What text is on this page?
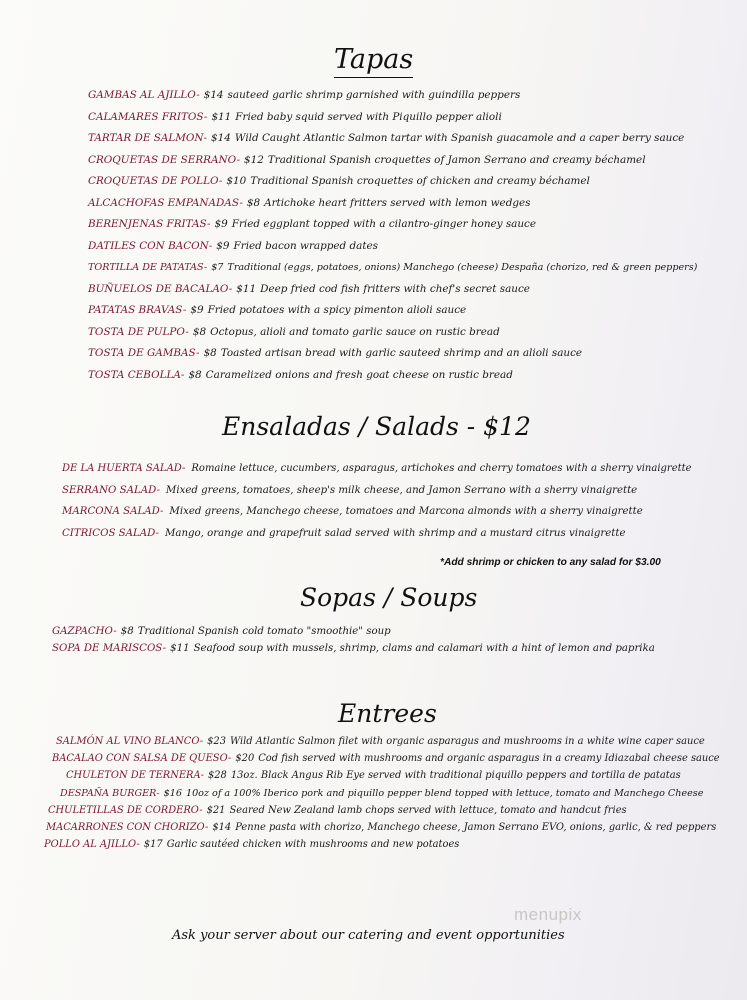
Tapas
GAMBAS AL AJILLO- $14 sauteed garlic shrimp garnished with guindilla peppers
CALAMARES FRITOS- $11 Fried baby squid served with Piquillo pepper alioli
TARTAR DE SALMON- $14 Wild Caught Atlantic Salmon tartar with Spanish guacamole and a caper berry sauce
CROQUETAS DE SERRANO- $12 Traditional Spanish croquettes of Jamon Serrano and creamy béchamel
CROQUETAS DE POLLO- $10 Traditional Spanish croquettes of chicken and creamy béchamel
ALCACHOFAS EMPANADAS- $8 Artichoke heart fritters served with lemon wedges
BERENJENAS FRITAS- $9 Fried eggplant topped with a cilantro-ginger honey sauce
DATILES CON BACON- $9 Fried bacon wrapped dates
TORTILLA DE PATATAS- $7 Traditional (eggs, potatoes, onions) Manchego (cheese) Despaña (chorizo, red & green peppers)
BUÑUELOS DE BACALAO- $11 Deep fried cod fish fritters with chef's secret sauce
PATATAS BRAVAS- $9 Fried potatoes with a spicy pimenton alioli sauce
TOSTA DE PULPO- $8 Octopus, alioli and tomato garlic sauce on rustic bread
TOSTA DE GAMBAS- $8 Toasted artisan bread with garlic sauteed shrimp and an alioli sauce
TOSTA CEBOLLA- $8 Caramelized onions and fresh goat cheese on rustic bread
Ensaladas / Salads - $12
DE LA HUERTA SALAD- Romaine lettuce, cucumbers, asparagus, artichokes and cherry tomatoes with a sherry vinaigrette
SERRANO SALAD- Mixed greens, tomatoes, sheep's milk cheese, and Jamon Serrano with a sherry vinaigrette
MARCONA SALAD- Mixed greens, Manchego cheese, tomatoes and Marcona almonds with a sherry vinaigrette
CITRICOS SALAD- Mango, orange and grapefruit salad served with shrimp and a mustard citrus vinaigrette
*Add shrimp or chicken to any salad for $3.00
Sopas / Soups
GAZPACHO- $8 Traditional Spanish cold tomato "smoothie" soup
SOPA DE MARISCOS- $11 Seafood soup with mussels, shrimp, clams and calamari with a hint of lemon and paprika
Entrees
SALMÓN AL VINO BLANCO- $23 Wild Atlantic Salmon filet with organic asparagus and mushrooms in a white wine caper sauce
BACALAO CON SALSA DE QUESO- $20 Cod fish served with mushrooms and organic asparagus in a creamy Idiazabal cheese sauce
CHULETON DE TERNERA- $28 13oz. Black Angus Rib Eye served with traditional piquillo peppers and tortilla de patatas
DESPAÑA BURGER- $16 10oz of a 100% Iberico pork and piquillo pepper blend topped with lettuce, tomato and Manchego Cheese
CHULETILLAS DE CORDERO- $21 Seared New Zealand lamb chops served with lettuce, tomato and handcut fries
MACARRONES CON CHORIZO- $14 Penne pasta with chorizo, Manchego cheese, Jamon Serrano EVO, onions, garlic, & red peppers
POLLO AL AJILLO- $17 Garlic sautéed chicken with mushrooms and new potatoes
menupix
Ask your server about our catering and event opportunities
